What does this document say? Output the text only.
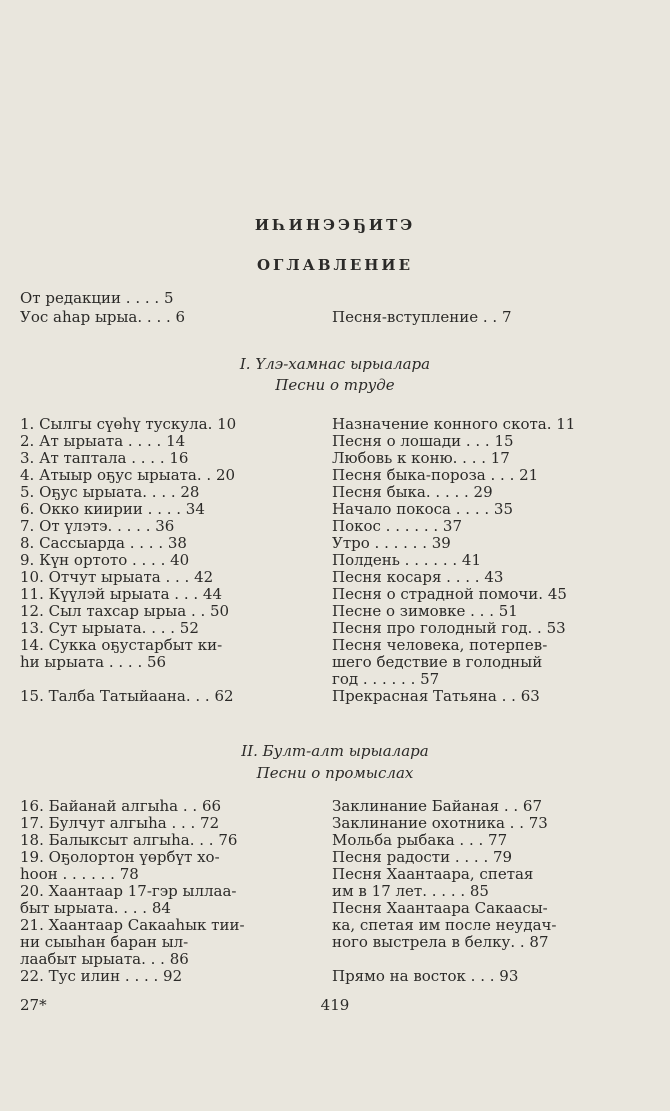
ИҺИНЭЭҔИТЭ
ОГЛАВЛЕНИЕ
От редакции . . . . 5
Уос аһар ырыа. . . . 6	Песня-вступление . . 7
I. Үлэ-хамнас ырыалара
Песни о труде
1. Сылгы сүөһү тускула. 10	Назначение конного скота. 11
2. Ат ырыата . . . . 14	Песня о лошади . . . 15
3. Ат таптала . . . . 16	Любовь к коню. . . . 17
4. Атыыр оҕус ырыата. . 20	Песня быка-пороза . . . 21
5. Оҕус ырыата. . . . 28	Песня быка. . . . . 29
6. Окко киирии . . . . 34	Начало покоса . . . . 35
7. От үлэтэ. . . . . 36	Покос . . . . . . 37
8. Сассыарда . . . . 38	Утро . . . . . . 39
9. Күн ортото . . . . 40	Полдень . . . . . . 41
10. Отчут ырыата . . . 42	Песня косаря . . . . 43
11. Күүлэй ырыата . . . 44	Песня о страдной помочи. 45
12. Сыл тахсар ырыа . . 50	Песне о зимовке . . . 51
13. Сут ырыата. . . . 52	Песня про голодный год. . 53
14. Сукка оҕустарбыт ки-	Песня человека, потерпев-
һи ырыата . . . . 56	шего бедствие в голодный
год . . . . . . 57
15. Талба Татыйаана. . . 62	Прекрасная Татьяна . . 63
II. Булт-алт ырыалара
Песни о промыслах
16. Байанай алгыһа . . 66	Заклинание Байаная . . 67
17. Булчут алгыһа . . . 72	Заклинание охотника . . 73
18. Балыксыт алгыһа. . . 76	Мольба рыбака . . . 77
19. Оҕолортон үөрбүт хо-	Песня радости . . . . 79
һоон . . . . . . 78	Песня Хаантаара, спетая
20. Хаантаар 17-гэр ыллаа-	им в 17 лет. . . . . 85
быт ырыата. . . . 84	Песня Хаантаара Сакаасы-
21. Хаантаар Сакааһык тии-	ка, спетая им после неудач-
ни сыыһан баран ыл-	ного выстрела в белку. . 87
лаабыт ырыата. . . 86
22. Тус илин . . . . 92	Прямо на восток . . . 93
27*	419
